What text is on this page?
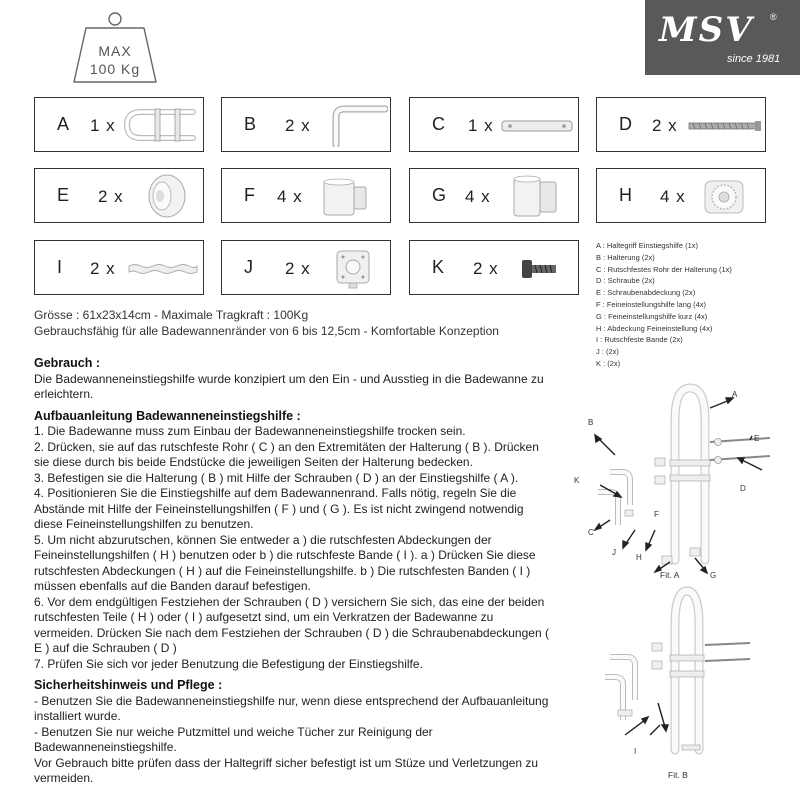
MAX
100 Kg
MSV ®
since 1981
A 1 x	B 2 x	C 1 x	D 2 x
E 2 x	F 4 x	G 4 x	H 4 x
I 2 x	J 2 x	K 2 x
A : Haltegriff Einstiegshilfe (1x)
B : Halterung (2x)
C : Rutschfestes Rohr der Halterung (1x)
D : Schraube (2x)
E : Schraubenabdeckung (2x)
F : Feineinstellungshilfe lang (4x)
G : Feineinstellungshilfe kurz (4x)
H : Abdeckung Feineinstellung (4x)
I : Rutschfeste Bande (2x)
J : (2x)
K : (2x)
Grösse : 61x23x14cm - Maximale Tragkraft : 100Kg
Gebrauchsfähig für alle Badewannenränder von 6 bis 12,5cm - Komfortable Konzeption
Gebrauch :

Die Badewanneneinstiegshilfe wurde konzipiert um den Ein - und Ausstieg in die Badewanne zu erleichtern.

Aufbauanleitung Badewanneneinstiegshilfe :

1. Die Badewanne muss zum Einbau der Badewanneneinstiegshilfe trocken sein.

2. Drücken, sie auf das rutschfeste Rohr ( C ) an den Extremitäten der Halterung ( B ). Drücken sie diese durch bis beide Endstücke die jeweiligen Seiten der Halterung bedecken.

3. Befestigen sie die Halterung ( B ) mit Hilfe der Schrauben ( D ) an der Einstiegshilfe ( A ).

4. Positionieren Sie die Einstiegshilfe auf dem Badewannenrand. Falls nötig, regeln Sie die Abstände mit Hilfe der Feineinstellungshilfen ( F ) und ( G ). Es ist nicht zwingend notwendig diese Feineinstellungshilfen zu benutzen.

5. Um nicht abzurutschen, können Sie entweder a ) die rutschfesten Abdeckungen der Feineinstellungshilfen ( H ) benutzen oder b ) die rutschfeste Bande ( I ). a ) Drücken Sie diese rutschfesten Abdeckungen ( H ) auf die Feineinstellungshilfe. b ) Die rutschfesten Banden ( I ) müssen ebenfalls auf die Banden darauf befestigen.

6. Vor dem endgültigen Festziehen der Schrauben ( D ) versichern Sie sich, das eine der beiden rutschfesten Teile ( H ) oder ( I ) aufgesetzt sind, um ein Verkratzen der Badewanne zu vermeiden. Drücken Sie nach dem Festziehen der Schrauben ( D ) die Schraubenabdeckungen ( E ) auf die Schrauben ( D )

7. Prüfen Sie sich vor jeder Benutzung die Befestigung der Einstiegshilfe.

Sicherheitshinweis und Pflege :

- Benutzen Sie die Badewanneneinstiegshilfe nur, wenn diese entsprechend der Aufbauanleitung installiert wurde.

- Benutzen Sie nur weiche Putzmittel und weiche Tücher zur Reinigung der Badewanneneinstiegshilfe.

Vor Gebrauch bitte prüfen dass der Haltegriff sicher befestigt ist um Stüze und Verletzungen zu vermeiden.

A
B
E
K
D
C
F
J
H
G
Fit. A
I
Fit. B
